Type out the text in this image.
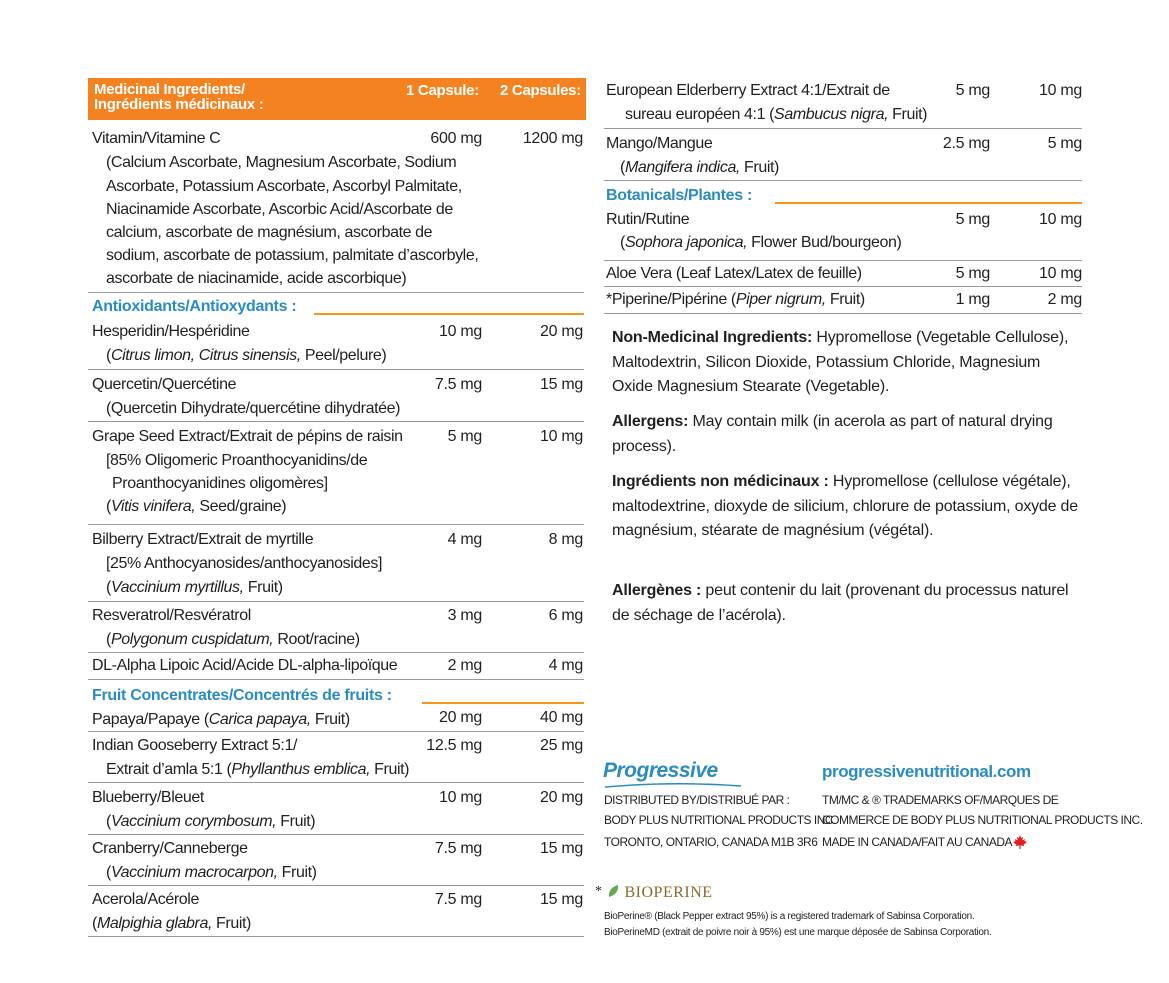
Medicinal Ingredients/
Ingrédients médicinaux :
1 Capsule: 2 Capsules:
Vitamin/Vitamine C	600 mg	1200 mg
(Calcium Ascorbate, Magnesium Ascorbate, Sodium
Ascorbate, Potassium Ascorbate, Ascorbyl Palmitate,
Niacinamide Ascorbate, Ascorbic Acid/Ascorbate de
calcium, ascorbate de magnésium, ascorbate de
sodium, ascorbate de potassium, palmitate d’ascorbyle,
ascorbate de niacinamide, acide ascorbique)
Antioxidants/Antioxydants :
Hesperidin/Hespéridine	10 mg	20 mg
(Citrus limon, Citrus sinensis, Peel/pelure)
Quercetin/Quercétine	7.5 mg	15 mg
(Quercetin Dihydrate/quercétine dihydratée)
Grape Seed Extract/Extrait de pépins de raisin	5 mg	10 mg
[85% Oligomeric Proanthocyanidins/de
Proanthocyanidines oligomères]
(Vitis vinifera, Seed/graine)
Bilberry Extract/Extrait de myrtille	4 mg	8 mg
[25% Anthocyanosides/anthocyanosides]
(Vaccinium myrtillus, Fruit)
Resveratrol/Resvératrol	3 mg	6 mg
(Polygonum cuspidatum, Root/racine)
DL-Alpha Lipoic Acid/Acide DL-alpha-lipoïque	2 mg	4 mg
Fruit Concentrates/Concentrés de fruits :
Papaya/Papaye (Carica papaya, Fruit)	20 mg	40 mg
Indian Gooseberry Extract 5:1/	12.5 mg	25 mg
Extrait d’amla 5:1 (Phyllanthus emblica, Fruit)
Blueberry/Bleuet	10 mg	20 mg
(Vaccinium corymbosum, Fruit)
Cranberry/Canneberge	7.5 mg	15 mg
(Vaccinium macrocarpon, Fruit)
Acerola/Acérole	7.5 mg	15 mg
(Malpighia glabra, Fruit)
European Elderberry Extract 4:1/Extrait de	5 mg	10 mg
sureau européen 4:1 (Sambucus nigra, Fruit)
Mango/Mangue	2.5 mg	5 mg
(Mangifera indica, Fruit)
Botanicals/Plantes :
Rutin/Rutine	5 mg	10 mg
(Sophora japonica, Flower Bud/bourgeon)
Aloe Vera (Leaf Latex/Latex de feuille)	5 mg	10 mg
*Piperine/Pipérine (Piper nigrum, Fruit)	1 mg	2 mg
Non-Medicinal Ingredients: Hypromellose (Vegetable Cellulose), Maltodextrin, Silicon Dioxide, Potassium Chloride, Magnesium Oxide Magnesium Stearate (Vegetable).
Allergens: May contain milk (in acerola as part of natural drying process).
Ingrédients non médicinaux : Hypromellose (cellulose végétale), maltodextrine, dioxyde de silicium, chlorure de potassium, oxyde de magnésium, stéarate de magnésium (végétal).
Allergènes : peut contenir du lait (provenant du processus naturel de séchage de l’acérola).
Progressive	progressivenutritional.com
DISTRIBUTED BY/DISTRIBUÉ PAR :
BODY PLUS NUTRITIONAL PRODUCTS INC.
TORONTO, ONTARIO, CANADA M1B 3R6
TM/MC & ® TRADEMARKS OF/MARQUES DE
COMMERCE DE BODY PLUS NUTRITIONAL PRODUCTS INC.
MADE IN CANADA/FAIT AU CANADA
* BIOPERINE
BioPerine® (Black Pepper extract 95%) is a registered trademark of Sabinsa Corporation.
BioPerineMD (extrait de poivre noir à 95%) est une marque déposée de Sabinsa Corporation.
